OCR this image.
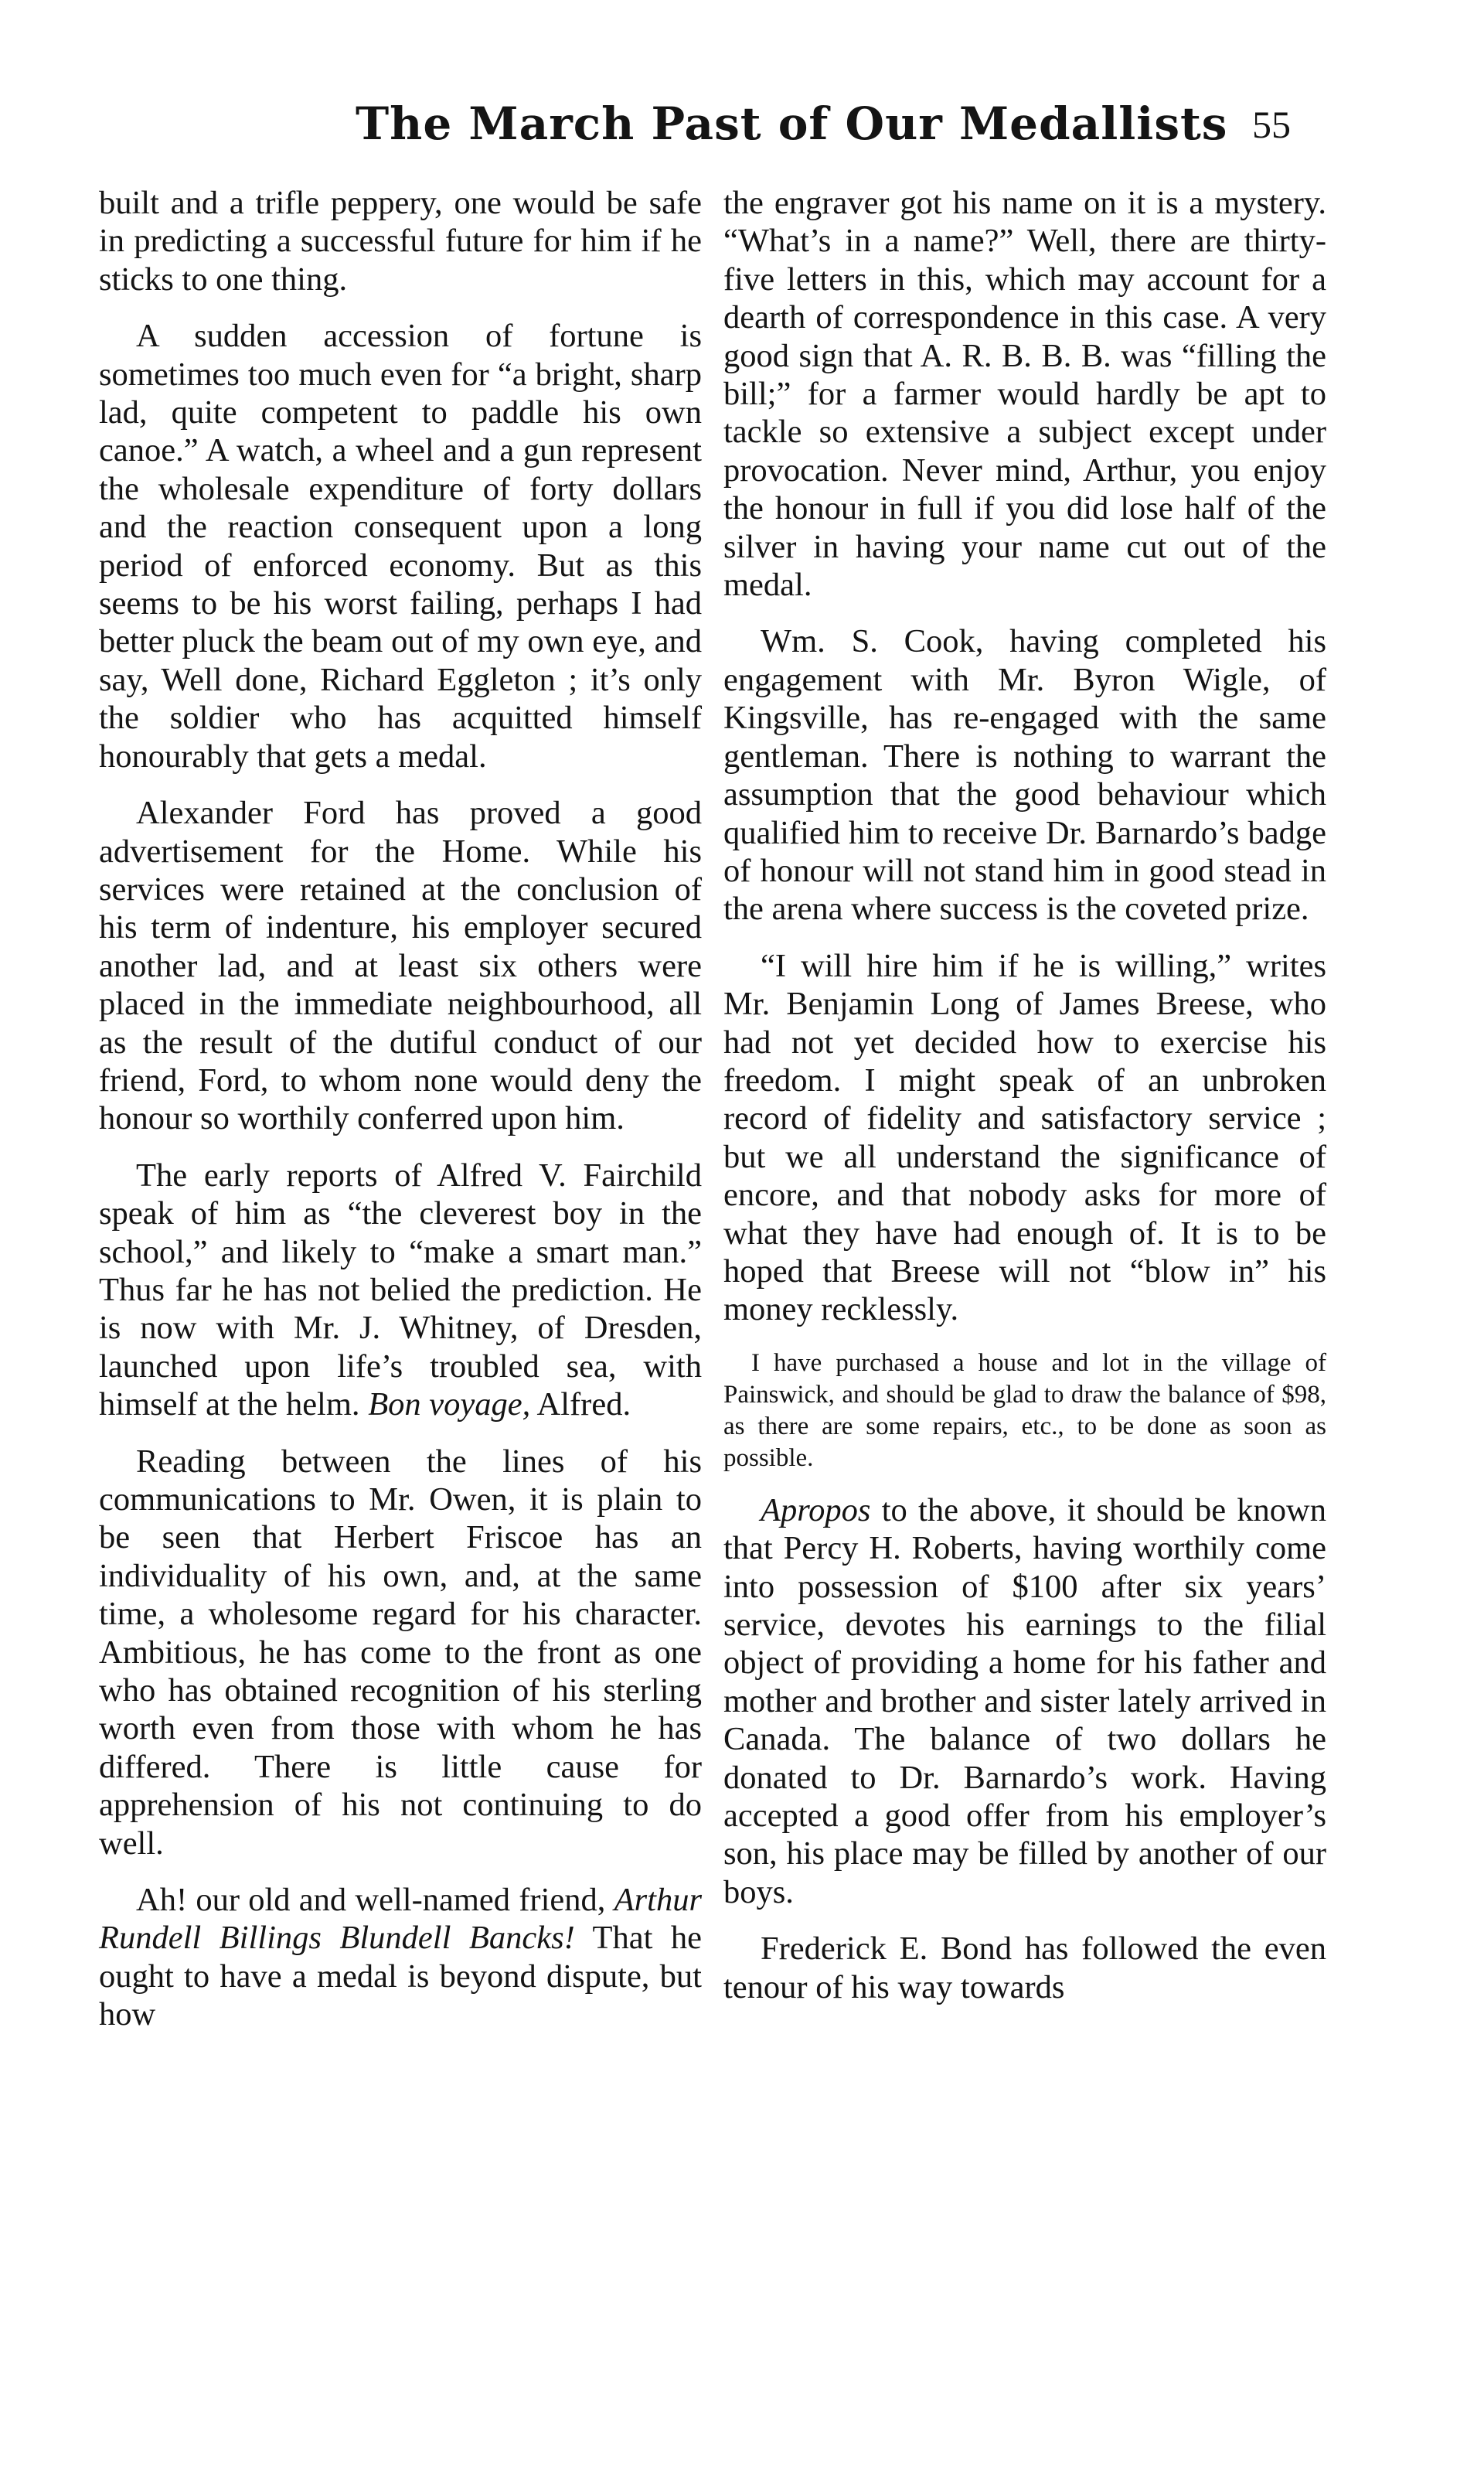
The March Past of Our Medallists 55

built and a trifle peppery, one would be safe in predicting a successful future for him if he sticks to one thing.

A sudden accession of fortune is sometimes too much even for “a bright, sharp lad, quite competent to paddle his own canoe.” A watch, a wheel and a gun represent the wholesale expenditure of forty dollars and the reaction consequent upon a long period of enforced economy. But as this seems to be his worst failing, perhaps I had better pluck the beam out of my own eye, and say, Well done, Richard Eggleton ; it’s only the soldier who has acquitted himself honourably that gets a medal.

Alexander Ford has proved a good advertisement for the Home. While his services were retained at the conclusion of his term of indenture, his employer secured another lad, and at least six others were placed in the immediate neighbourhood, all as the result of the dutiful conduct of our friend, Ford, to whom none would deny the honour so worthily conferred upon him.

The early reports of Alfred V. Fairchild speak of him as “the cleverest boy in the school,” and likely to “make a smart man.” Thus far he has not belied the prediction. He is now with Mr. J. Whitney, of Dresden, launched upon life’s troubled sea, with himself at the helm. Bon voyage, Alfred.

Reading between the lines of his communications to Mr. Owen, it is plain to be seen that Herbert Friscoe has an individuality of his own, and, at the same time, a wholesome regard for his character. Ambitious, he has come to the front as one who has obtained recognition of his sterling worth even from those with whom he has differed. There is little cause for apprehension of his not continuing to do well.

Ah! our old and well-named friend, Arthur Rundell Billings Blundell Bancks! That he ought to have a medal is beyond dispute, but how

the engraver got his name on it is a mystery. “What’s in a name?” Well, there are thirty-five letters in this, which may account for a dearth of correspondence in this case. A very good sign that A. R. B. B. B. was “filling the bill;” for a farmer would hardly be apt to tackle so extensive a subject except under provocation. Never mind, Arthur, you enjoy the honour in full if you did lose half of the silver in having your name cut out of the medal.

Wm. S. Cook, having completed his engagement with Mr. Byron Wigle, of Kingsville, has re-engaged with the same gentleman. There is nothing to warrant the assumption that the good behaviour which qualified him to receive Dr. Barnardo’s badge of honour will not stand him in good stead in the arena where success is the coveted prize.

“I will hire him if he is willing,” writes Mr. Benjamin Long of James Breese, who had not yet decided how to exercise his freedom. I might speak of an unbroken record of fidelity and satisfactory service ; but we all understand the significance of encore, and that nobody asks for more of what they have had enough of. It is to be hoped that Breese will not “blow in” his money recklessly.

I have purchased a house and lot in the village of Painswick, and should be glad to draw the balance of $98, as there are some repairs, etc., to be done as soon as possible.

Apropos to the above, it should be known that Percy H. Roberts, having worthily come into possession of $100 after six years’ service, devotes his earnings to the filial object of providing a home for his father and mother and brother and sister lately arrived in Canada. The balance of two dollars he donated to Dr. Barnardo’s work. Having accepted a good offer from his employer’s son, his place may be filled by another of our boys.

Frederick E. Bond has followed the even tenour of his way towards
